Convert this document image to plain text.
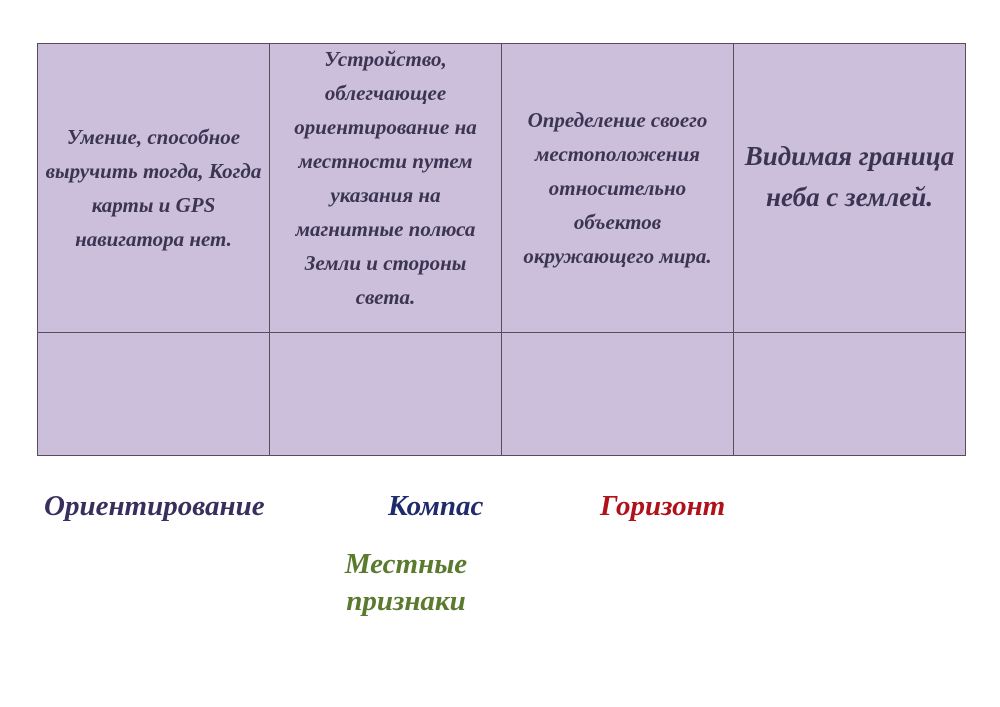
Умение, способное выручить тогда, Когда карты и GPS навигатора нет.	Устройство, облегчающее ориентирование на местности путем указания на магнитные полюса Земли и стороны света.	Определение своего местоположения относительно объектов окружающего мира.	Видимая граница неба с землей.

Ориентирование	Компас	Горизонт
Местные
признаки
